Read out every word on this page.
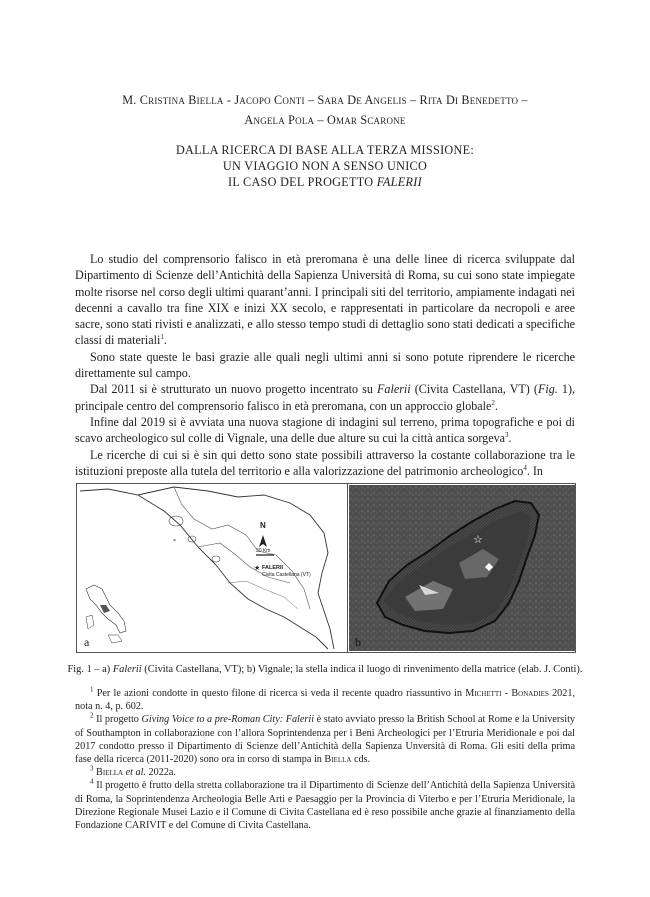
M. Cristina Biella - Jacopo Conti – Sara De Angelis – Rita Di Benedetto –
Angela Pola – Omar Scarone
DALLA RICERCA DI BASE ALLA TERZA MISSIONE:
UN VIAGGIO NON A SENSO UNICO
IL CASO DEL PROGETTO FALERII

Lo studio del comprensorio falisco in età preromana è una delle linee di ricerca sviluppate dal Dipartimento di Scienze dell’Antichità della Sapienza Università di Roma, su cui sono state impiegate molte risorse nel corso degli ultimi quarant’anni. I principali siti del territorio, ampiamente indagati nei decenni a cavallo tra fine XIX e inizi XX secolo, e rappresentati in particolare da necropoli e aree sacre, sono stati rivisti e analizzati, e allo stesso tempo studi di dettaglio sono stati dedicati a specifiche classi di materiali$^1$.

Sono state queste le basi grazie alle quali negli ultimi anni si sono potute riprendere le ricerche direttamente sul campo.

Dal 2011 si è strutturato un nuovo progetto incentrato su Falerii (Civita Castellana, VT) (Fig. 1), principale centro del comprensorio falisco in età preromana, con un approccio globale$^2$.

Infine dal 2019 si è avviata una nuova stagione di indagini sul terreno, prima topografiche e poi di scavo archeologico sul colle di Vignale, una delle due alture su cui la città antica sorgeva$^3$.

Le ricerche di cui si è sin qui detto sono state possibili attraverso la costante collaborazione tra le istituzioni preposte alla tutela del territorio e alla valorizzazione del patrimonio archeologico$^4$. In

*
★
N
30 Km
FALERII
Civita Castellana (VT)
a
☆
b
Fig. 1 – a) Falerii (Civita Castellana, VT); b) Vignale; la stella indica il luogo di rinvenimento della matrice (elab. J. Conti).

$^1$ Per le azioni condotte in questo filone di ricerca si veda il recente quadro riassuntivo in Michetti - Bonadies 2021, nota n. 4, p. 602.

$^2$ Il progetto Giving Voice to a pre-Roman City: Falerii è stato avviato presso la British School at Rome e la University of Southampton in collaborazione con l’allora Soprintendenza per i Beni Archeologici per l’Etruria Meridionale e poi dal 2017 condotto presso il Dipartimento di Scienze dell’Antichità della Sapienza Unversità di Roma. Gli esiti della prima fase della ricerca (2011-2020) sono ora in corso di stampa in Biella cds.

$^3$ Biella et al. 2022a.

$^4$ Il progetto è frutto della stretta collaborazione tra il Dipartimento di Scienze dell’Antichità della Sapienza Università di Roma, la Soprintendenza Archeologia Belle Arti e Paesaggio per la Provincia di Viterbo e per l’Etruria Meridionale, la Direzione Regionale Musei Lazio e il Comune di Civita Castellana ed è reso possibile anche grazie al finanziamento della Fondazione CARIVIT e del Comune di Civita Castellana.
